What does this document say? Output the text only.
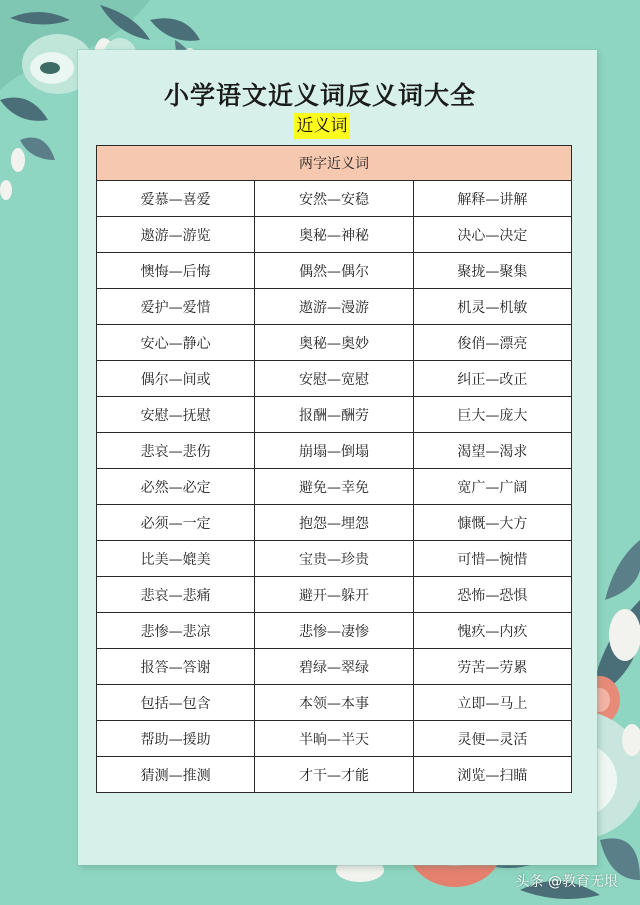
小学语文近义词反义词大全
近义词
两字近义词		
爱慕—喜爱	安然—安稳	解释—讲解
遨游—游览	奥秘—神秘	决心—决定
懊悔—后悔	偶然—偶尔	聚拢—聚集
爱护—爱惜	遨游—漫游	机灵—机敏
安心—静心	奥秘—奥妙	俊俏—漂亮
偶尔—间或	安慰—宽慰	纠正—改正
安慰—抚慰	报酬—酬劳	巨大—庞大
悲哀—悲伤	崩塌—倒塌	渴望—渴求
必然—必定	避免—幸免	宽广—广阔
必须—一定	抱怨—埋怨	慷慨—大方
比美—媲美	宝贵—珍贵	可惜—惋惜
悲哀—悲痛	避开—躲开	恐怖—恐惧
悲惨—悲凉	悲惨—凄惨	愧疚—内疚
报答—答谢	碧绿—翠绿	劳苦—劳累
包括—包含	本领—本事	立即—马上
帮助—援助	半晌—半天	灵便—灵活
猜测—推测	才干—才能	浏览—扫瞄
头条 @教育无垠
